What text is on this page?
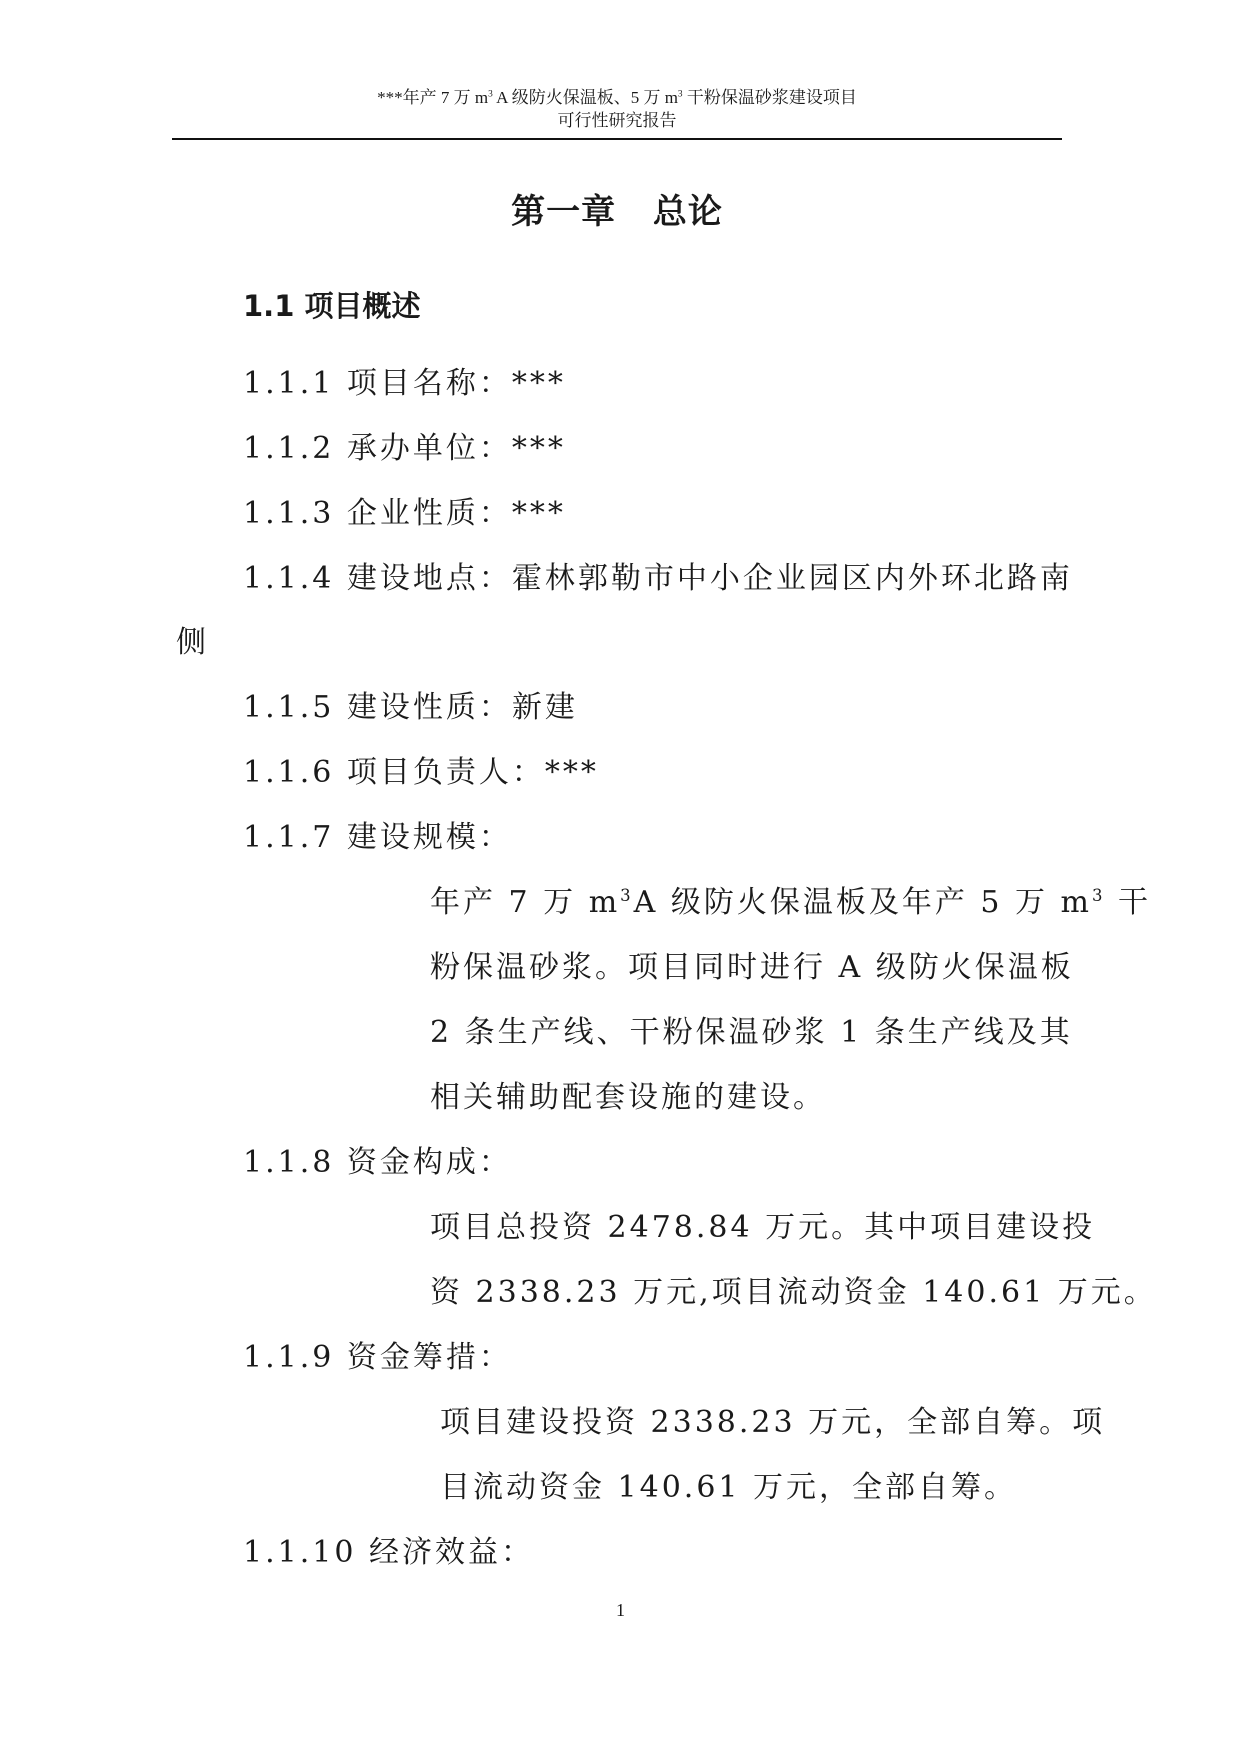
***年产 7 万 $m^3$ A 级防火保温板、5 万 $m^3$ 干粉保温砂浆建设项目
可行性研究报告
第一章 总论
1.1 项目概述
1.1.1 项目名称：***
1.1.2 承办单位：***
1.1.3 企业性质：***
1.1.4 建设地点：霍林郭勒市中小企业园区内外环北路南
侧
1.1.5 建设性质：新建
1.1.6 项目负责人：***
1.1.7 建设规模：
年产 7 万 $m^3A$ 级防火保温板及年产 5 万 $m^3$ 干
粉保温砂浆。项目同时进行 A 级防火保温板
2 条生产线、干粉保温砂浆 1 条生产线及其
相关辅助配套设施的建设。
1.1.8 资金构成：
项目总投资 2478.84 万元。其中项目建设投
资 2338.23 万元,项目流动资金 140.61 万元。
1.1.9 资金筹措：
项目建设投资 2338.23 万元，全部自筹。项
目流动资金 140.61 万元，全部自筹。
1.1.10 经济效益：
1
